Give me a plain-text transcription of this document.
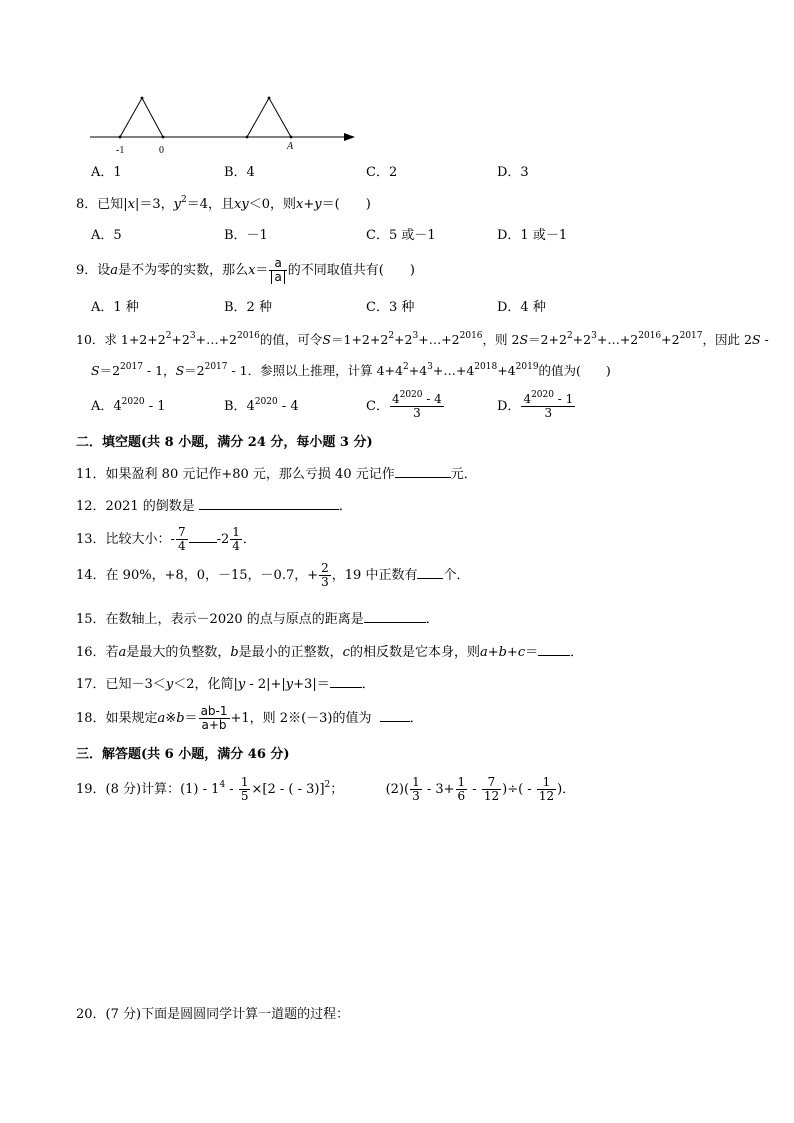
-1	0	A
A．1	B．4	C．2	D．3
8．已知|x|＝3，$y^2=4$，且xy＜0，则x+y＝(　　)
A．5	B．－1	C．5 或－1	D．1 或－1
9．设a是不为零的实数，那么$x= \frac{a}{a}$ 的不同取值共有(　　)
A．1 种	B．2 种	C．3 种	D．4 种
10．求 $1+2+2^2+2^3+\dots+2^{2016}$的值，可令$S=1+2+2^2+2^3+\dots+2^{2016}$，则 $2S=2+2^2+2^3+\dots+2^{2016}+2^{2017}$，因此 2S -
$S=2^{2017} - 1$，$S=2^{2017} - 1$．参照以上推理，计算 $4+4^2+4^3+\dots+4^{2018}+4^{2019}$的值为(　　)
A．$4^{2020} - 1$	B．$4^{2020} - 4$	C． $\frac{4^{2020} - 4}{3}$	D． $\frac{4^{2020} - 1}{3}$
二．填空题(共 8 小题，满分 24 分，每小题 3 分)
11．如果盈利 80 元记作+80 元，那么亏损 40 元记作	元．
12．2021 的倒数是	．
13．比较大小：- $\frac{7}{4} -2 \frac{1}{4}$ ．
14．在 90%，+8，0，－15，－0.7，+ $\frac{2}{3}$ ，19 中正数有 个．
15．在数轴上，表示－2020 的点与原点的距离是	．
16．若a是最大的负整数，b是最小的正整数，c的相反数是它本身，则a+b+c＝ ．
17．已知－3＜y＜2，化简|y - 2|+|y+3|＝ ．
18．如果规定a※b＝ $\frac{ab-1}{a+b} +1$，则 2※(－3)的值为	．
三．解答题(共 6 小题，满分 46 分)
19．(8 分)计算：$(1) - 1^4 - \frac{1}{5} \times[2$ - ( - 3)]$^2$；	$(2)( \frac{1}{3} - 3+ \frac{1}{6} - \frac{7}{12}$ )÷( - $\frac{1}{12}$ )．
20．(7 分)下面是圆圆同学计算一道题的过程：
